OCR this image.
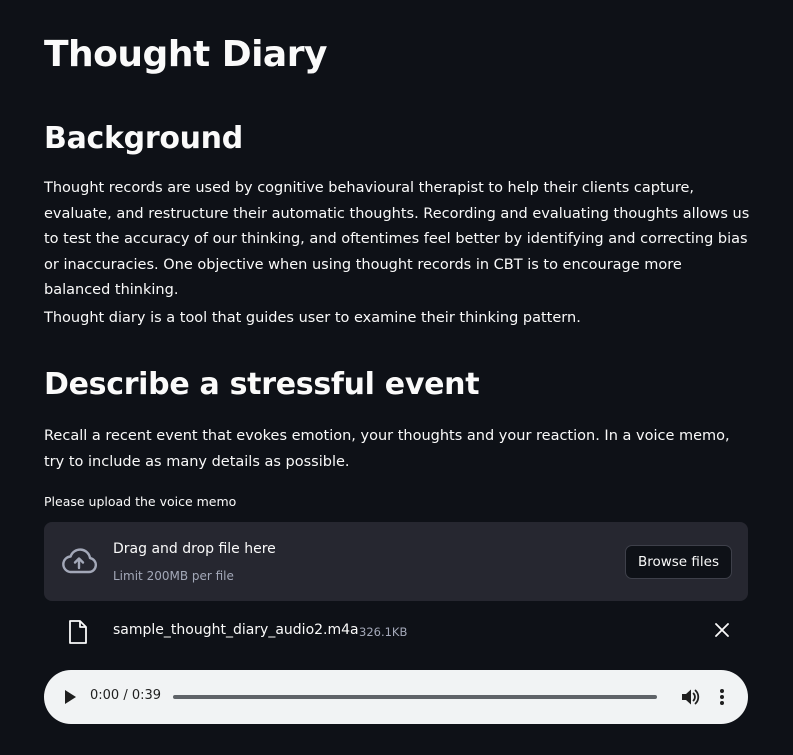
Thought Diary
Background

Thought records are used by cognitive behavioural therapist to help their clients capture, evaluate, and restructure their automatic thoughts. Recording and evaluating thoughts allows us to test the accuracy of our thinking, and oftentimes feel better by identifying and correcting bias or inaccuracies. One objective when using thought records in CBT is to encourage more balanced thinking.

Thought diary is a tool that guides user to examine their thinking pattern.

Describe a stressful event

Recall a recent event that evokes emotion, your thoughts and your reaction. In a voice memo, try to include as many details as possible.

Please upload the voice memo
Drag and drop file here
Limit 200MB per file
Browse files
sample_thought_diary_audio2.m4a 326.1KB
0:00 / 0:39
